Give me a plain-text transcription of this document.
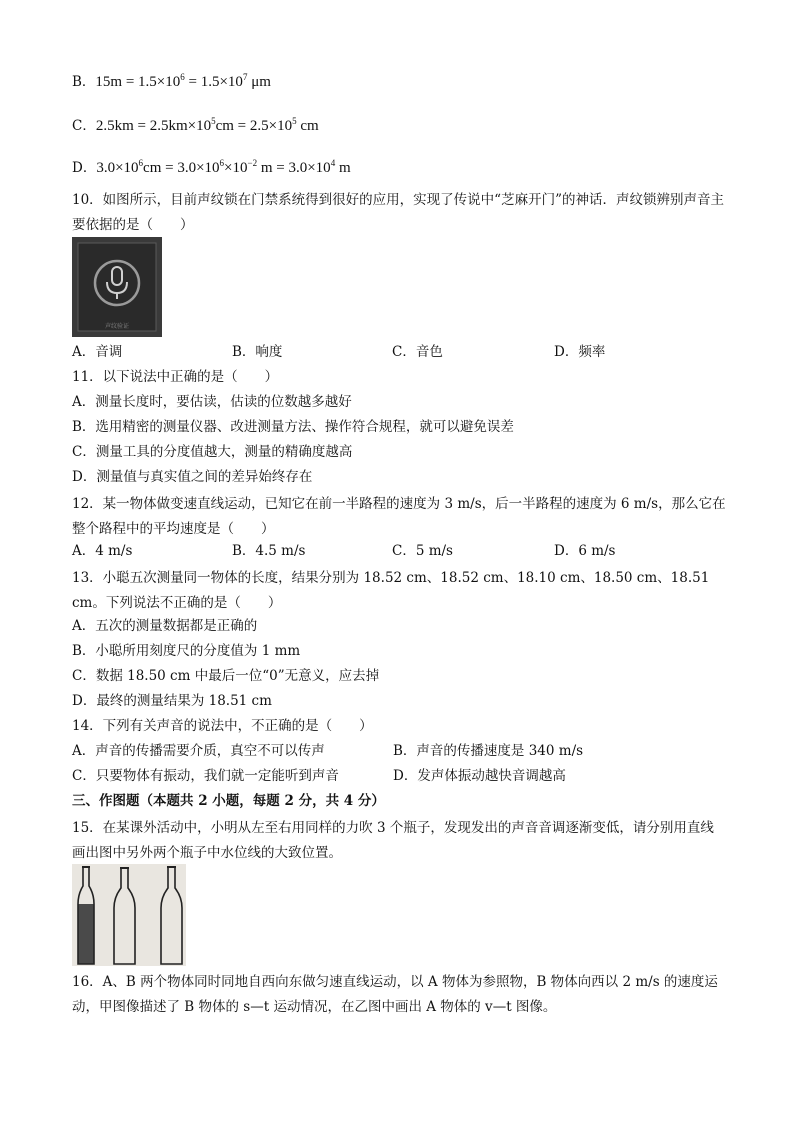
B．$15m = 1.5\times 10^6 = 1.5\times 10^7$ μm
C．$2.5km = 2.5km\times 10^5cm = 2.5\times 10^5$ cm
D．$3.0\times 10^6cm = 3.0\times 10^6\times 10^{-2}$ $m = 3.0\times 10^4$ m
10．如图所示，目前声纹锁在门禁系统得到很好的应用，实现了传说中“芝麻开门”的神话．声纹锁辨别声音主要依据的是（　　）
声纹验证
A．音调	B．响度	C．音色	D．频率
11．以下说法中正确的是（　　）
A．测量长度时，要估读，估读的位数越多越好
B．选用精密的测量仪器、改进测量方法、操作符合规程，就可以避免误差
C．测量工具的分度值越大，测量的精确度越高
D．测量值与真实值之间的差异始终存在
12．某一物体做变速直线运动，已知它在前一半路程的速度为 3 m/s，后一半路程的速度为 6 m/s，那么它在整个路程中的平均速度是（　　）
A．4 m/s	B．4.5 m/s	C．5 m/s	D．6 m/s
13．小聪五次测量同一物体的长度，结果分别为 18.52 cm、18.52 cm、18.10 cm、18.50 cm、18.51 cm。下列说法不正确的是（　　）
A．五次的测量数据都是正确的
B．小聪所用刻度尺的分度值为 1 mm
C．数据 18.50 cm 中最后一位“0”无意义，应去掉
D．最终的测量结果为 18.51 cm
14．下列有关声音的说法中，不正确的是（　　）
A．声音的传播需要介质，真空不可以传声	B．声音的传播速度是 340 m/s
C．只要物体有振动，我们就一定能听到声音	D．发声体振动越快音调越高
三、作图题（本题共 2 小题，每题 2 分，共 4 分）
15．在某课外活动中，小明从左至右用同样的力吹 3 个瓶子，发现发出的声音音调逐渐变低，请分别用直线画出图中另外两个瓶子中水位线的大致位置。
16．A、B 两个物体同时同地自西向东做匀速直线运动，以 A 物体为参照物，B 物体向西以 2 m/s 的速度运动，甲图像描述了 B 物体的 s—t 运动情况，在乙图中画出 A 物体的 v—t 图像。
